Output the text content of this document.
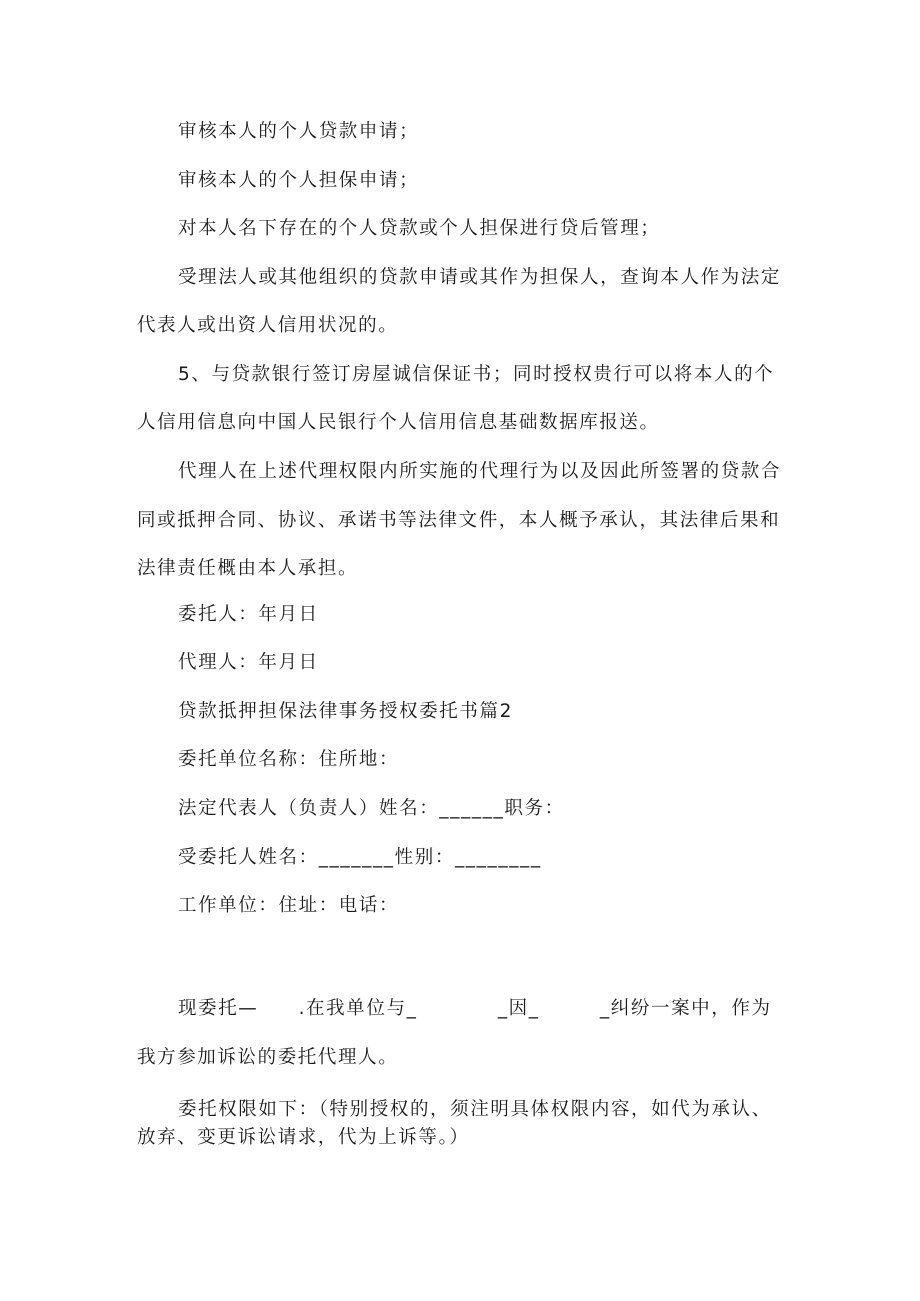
审核本人的个人贷款申请；

审核本人的个人担保申请；

对本人名下存在的个人贷款或个人担保进行贷后管理；

受理法人或其他组织的贷款申请或其作为担保人，查询本人作为法定

代表人或出资人信用状况的。

5、与贷款银行签订房屋诚信保证书；同时授权贵行可以将本人的个

人信用信息向中国人民银行个人信用信息基础数据库报送。

代理人在上述代理权限内所实施的代理行为以及因此所签署的贷款合

同或抵押合同、协议、承诺书等法律文件，本人概予承认，其法律后果和

法律责任概由本人承担。

委托人：年月日

代理人：年月日

贷款抵押担保法律事务授权委托书篇2

委托单位名称：住所地：

法定代表人（负责人）姓名：______职务：

受委托人姓名：_______性别：________

工作单位：住址：电话：

现委托—　　.在我单位与_　　　　_因_　　　_纠纷一案中，作为

我方参加诉讼的委托代理人。

委托权限如下：（特别授权的，须注明具体权限内容，如代为承认、

放弃、变更诉讼请求，代为上诉等。）
